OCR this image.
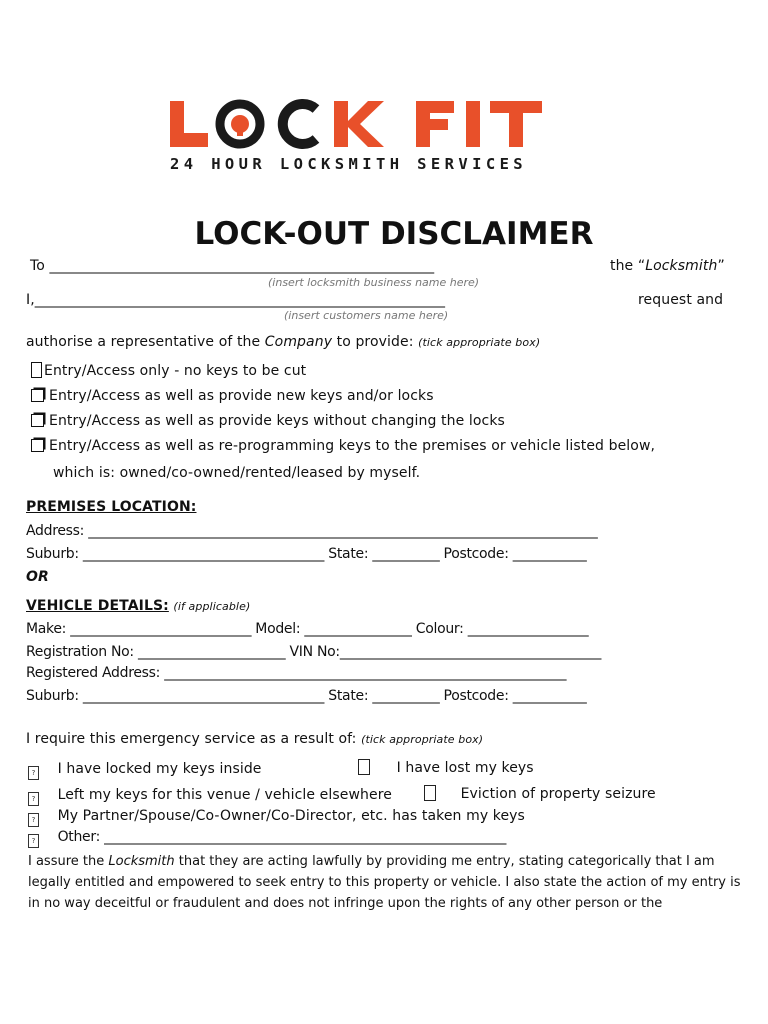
24 HOUR LOCKSMITH SERVICES
LOCK-OUT DISCLAIMER
To ____________________________________________________________	the “Locksmith”
(insert locksmith business name here)
I,________________________________________________________________	request and
(insert customers name here)
authorise a representative of the Company to provide: (tick appropriate box)
Entry/Access only - no keys to be cut
Entry/Access as well as provide new keys and/or locks
Entry/Access as well as provide keys without changing the locks
Entry/Access as well as re-programming keys to the premises or vehicle listed below,
which is: owned/co-owned/rented/leased by myself.
PREMISES LOCATION:
Address: ____________________________________________________________________________
Suburb: ____________________________________ State: __________ Postcode: ___________
OR
VEHICLE DETAILS: (if applicable)
Make: ___________________________ Model: ________________ Colour: __________________
Registration No: ______________________ VIN No:_______________________________________
Registered Address: ____________________________________________________________
Suburb: ____________________________________ State: __________ Postcode: ___________
I require this emergency service as a result of: (tick appropriate box)
? I have locked my keys inside	I have lost my keys
? Left my keys for this venue / vehicle elsewhere	Eviction of property seizure
? My Partner/Spouse/Co-Owner/Co-Director, etc. has taken my keys
? Other: ____________________________________________________________
I assure the Locksmith that they are acting lawfully by providing me entry, stating categorically that I am legally entitled and empowered to seek entry to this property or vehicle. I also state the action of my entry is in no way deceitful or fraudulent and does not infringe upon the rights of any other person or the
